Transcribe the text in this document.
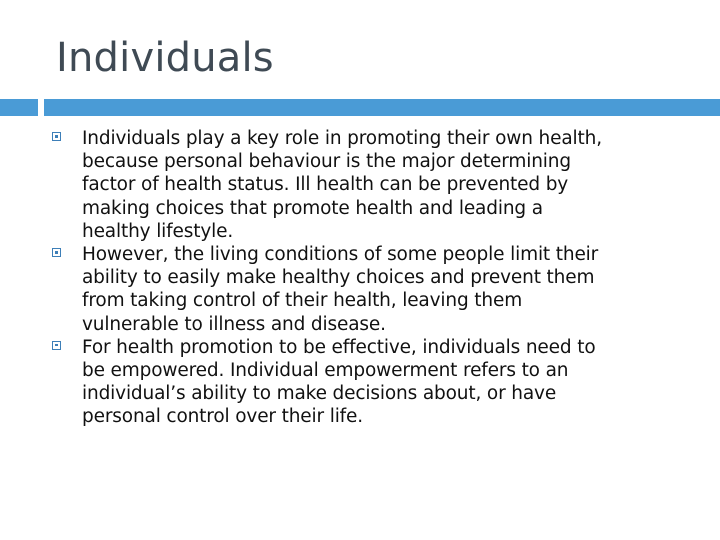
Individuals
Individuals play a key role in promoting their own health,
because personal behaviour is the major determining
factor of health status. Ill health can be prevented by
making choices that promote health and leading a
healthy lifestyle.
However, the living conditions of some people limit their
ability to easily make healthy choices and prevent them
from taking control of their health, leaving them
vulnerable to illness and disease.
For health promotion to be effective, individuals need to
be empowered. Individual empowerment refers to an
individual’s ability to make decisions about, or have
personal control over their life.
